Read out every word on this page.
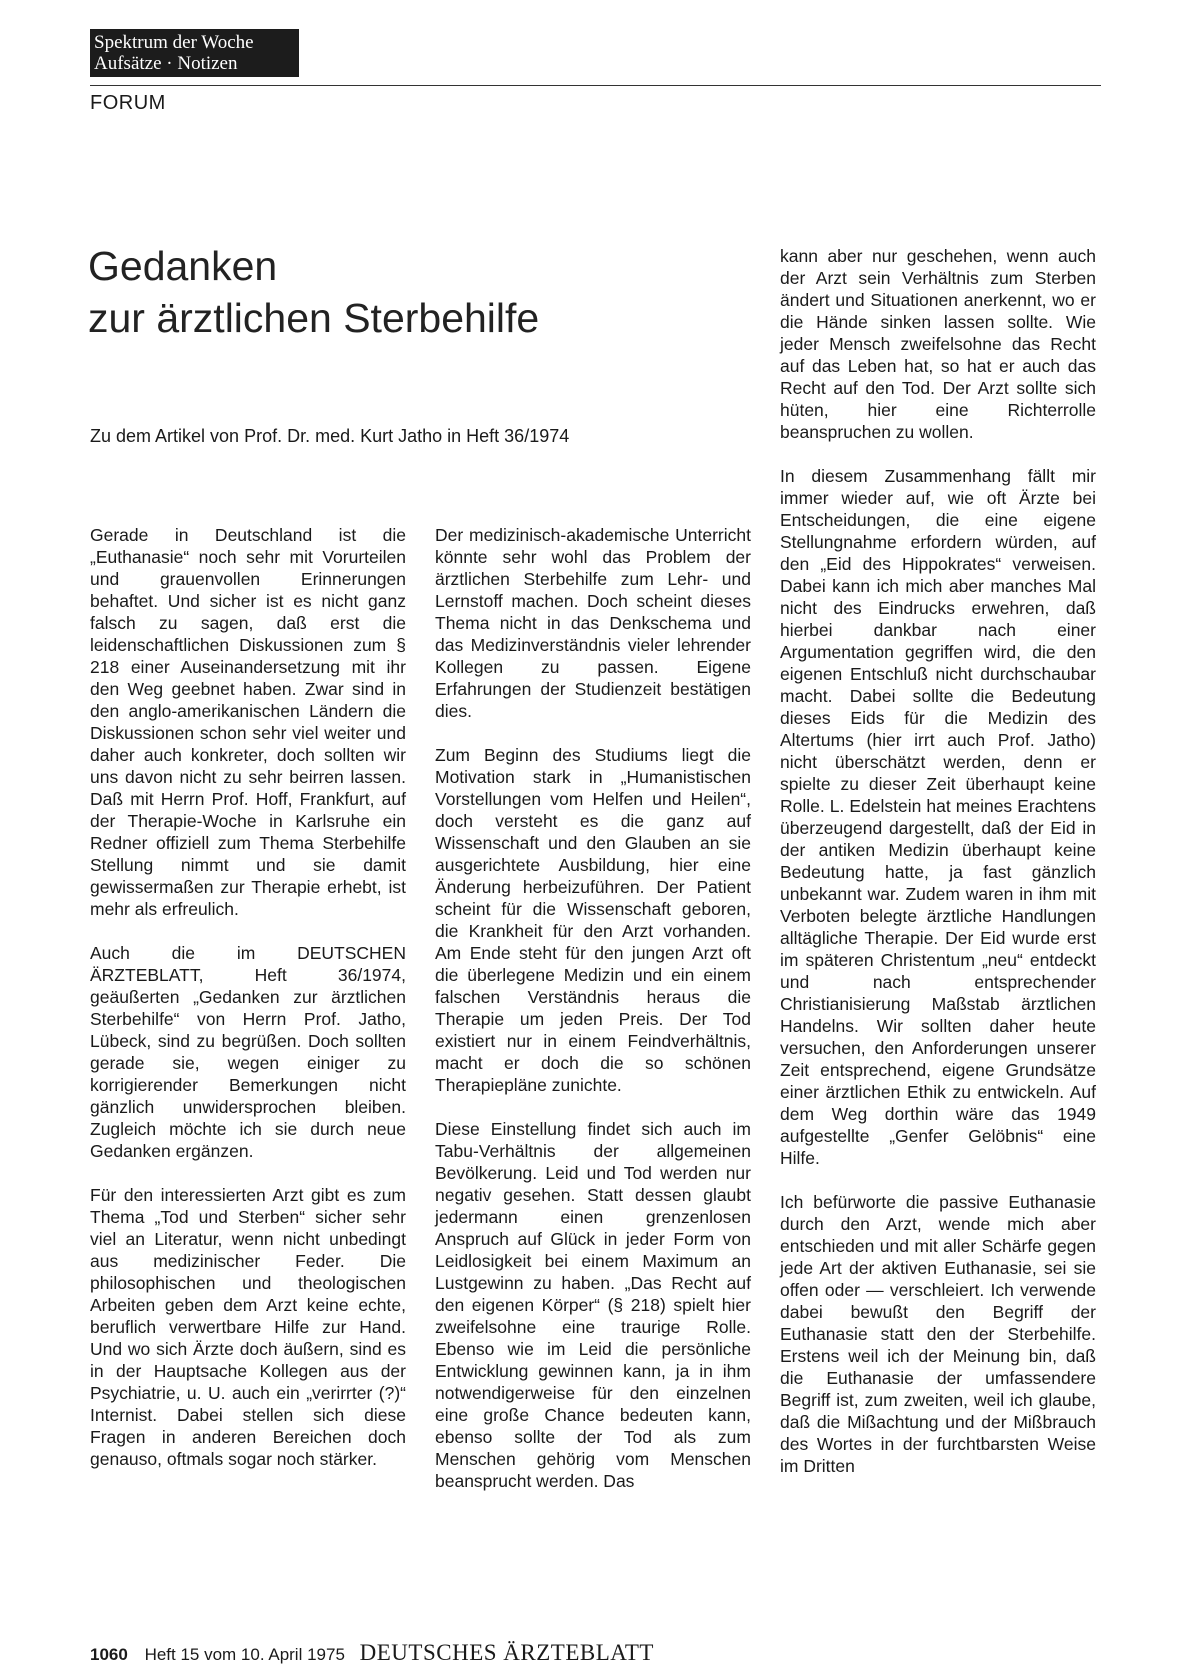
Spektrum der Woche
Aufsätze · Notizen
FORUM
Gedanken
zur ärztlichen Sterbehilfe
Zu dem Artikel von Prof. Dr. med. Kurt Jatho in Heft 36/1974

Gerade in Deutschland ist die „Euthanasie“ noch sehr mit Vorurteilen und grauenvollen Erinnerungen behaftet. Und sicher ist es nicht ganz falsch zu sagen, daß erst die leidenschaftlichen Diskussionen zum § 218 einer Auseinandersetzung mit ihr den Weg geebnet haben. Zwar sind in den anglo-amerikanischen Ländern die Diskussionen schon sehr viel weiter und daher auch konkreter, doch sollten wir uns davon nicht zu sehr beirren lassen. Daß mit Herrn Prof. Hoff, Frankfurt, auf der Therapie-Woche in Karlsruhe ein Redner offiziell zum Thema Sterbehilfe Stellung nimmt und sie damit gewissermaßen zur Therapie erhebt, ist mehr als erfreulich.

Auch die im DEUTSCHEN ÄRZTEBLATT, Heft 36/1974, geäußerten „Gedanken zur ärztlichen Sterbehilfe“ von Herrn Prof. Jatho, Lübeck, sind zu begrüßen. Doch sollten gerade sie, wegen einiger zu korrigierender Bemerkungen nicht gänzlich unwidersprochen bleiben. Zugleich möchte ich sie durch neue Gedanken ergänzen.

Für den interessierten Arzt gibt es zum Thema „Tod und Sterben“ sicher sehr viel an Literatur, wenn nicht unbedingt aus medizinischer Feder. Die philosophischen und theologischen Arbeiten geben dem Arzt keine echte, beruflich verwertbare Hilfe zur Hand. Und wo sich Ärzte doch äußern, sind es in der Hauptsache Kollegen aus der Psychiatrie, u. U. auch ein „verirrter (?)“ Internist. Dabei stellen sich diese Fragen in anderen Bereichen doch genauso, oftmals sogar noch stärker.

Der medizinisch-akademische Unterricht könnte sehr wohl das Problem der ärztlichen Sterbehilfe zum Lehr- und Lernstoff machen. Doch scheint dieses Thema nicht in das Denkschema und das Medizinverständnis vieler lehrender Kollegen zu passen. Eigene Erfahrungen der Studienzeit bestätigen dies.

Zum Beginn des Studiums liegt die Motivation stark in „Humanistischen Vorstellungen vom Helfen und Heilen“, doch versteht es die ganz auf Wissenschaft und den Glauben an sie ausgerichtete Ausbildung, hier eine Änderung herbeizuführen. Der Patient scheint für die Wissenschaft geboren, die Krankheit für den Arzt vorhanden. Am Ende steht für den jungen Arzt oft die überlegene Medizin und ein einem falschen Verständnis heraus die Therapie um jeden Preis. Der Tod existiert nur in einem Feindverhältnis, macht er doch die so schönen Therapiepläne zunichte.

Diese Einstellung findet sich auch im Tabu-Verhältnis der allgemeinen Bevölkerung. Leid und Tod werden nur negativ gesehen. Statt dessen glaubt jedermann einen grenzenlosen Anspruch auf Glück in jeder Form von Leidlosigkeit bei einem Maximum an Lustgewinn zu haben. „Das Recht auf den eigenen Körper“ (§ 218) spielt hier zweifelsohne eine traurige Rolle. Ebenso wie im Leid die persönliche Entwicklung gewinnen kann, ja in ihm notwendigerweise für den einzelnen eine große Chance bedeuten kann, ebenso sollte der Tod als zum Menschen gehörig vom Menschen beansprucht werden. Das

kann aber nur geschehen, wenn auch der Arzt sein Verhältnis zum Sterben ändert und Situationen anerkennt, wo er die Hände sinken lassen sollte. Wie jeder Mensch zweifelsohne das Recht auf das Leben hat, so hat er auch das Recht auf den Tod. Der Arzt sollte sich hüten, hier eine Richterrolle beanspruchen zu wollen.

In diesem Zusammenhang fällt mir immer wieder auf, wie oft Ärzte bei Entscheidungen, die eine eigene Stellungnahme erfordern würden, auf den „Eid des Hippokrates“ verweisen. Dabei kann ich mich aber manches Mal nicht des Eindrucks erwehren, daß hierbei dankbar nach einer Argumentation gegriffen wird, die den eigenen Entschluß nicht durchschaubar macht. Dabei sollte die Bedeutung dieses Eids für die Medizin des Altertums (hier irrt auch Prof. Jatho) nicht überschätzt werden, denn er spielte zu dieser Zeit überhaupt keine Rolle. L. Edelstein hat meines Erachtens überzeugend dargestellt, daß der Eid in der antiken Medizin überhaupt keine Bedeutung hatte, ja fast gänzlich unbekannt war. Zudem waren in ihm mit Verboten belegte ärztliche Handlungen alltägliche Therapie. Der Eid wurde erst im späteren Christentum „neu“ entdeckt und nach entsprechender Christianisierung Maßstab ärztlichen Handelns. Wir sollten daher heute versuchen, den Anforderungen unserer Zeit entsprechend, eigene Grundsätze einer ärztlichen Ethik zu entwickeln. Auf dem Weg dorthin wäre das 1949 aufgestellte „Genfer Gelöbnis“ eine Hilfe.

Ich befürworte die passive Euthanasie durch den Arzt, wende mich aber entschieden und mit aller Schärfe gegen jede Art der aktiven Euthanasie, sei sie offen oder — verschleiert. Ich verwende dabei bewußt den Begriff der Euthanasie statt den der Sterbehilfe. Erstens weil ich der Meinung bin, daß die Euthanasie der umfassendere Begriff ist, zum zweiten, weil ich glaube, daß die Mißachtung und der Mißbrauch des Wortes in der furchtbarsten Weise im Dritten

1060 Heft 15 vom 10. April 1975 DEUTSCHES ÄRZTEBLATT
